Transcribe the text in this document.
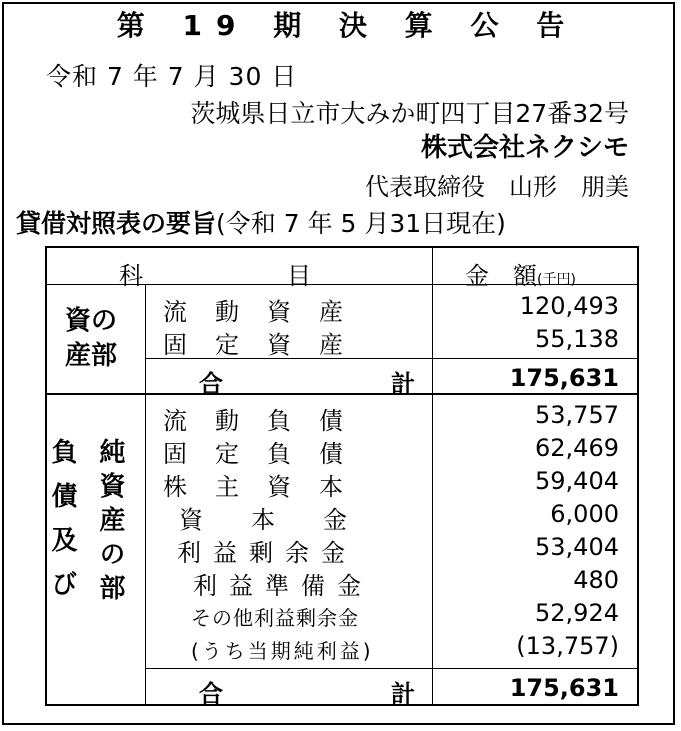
第 19 期 決 算 公 告
令和 7 年 7 月 30 日
茨城県日立市大みか町四丁目27番32号
株式会社ネクシモ
代表取締役　山形　朋美
貸借対照表の要旨(令和 7 年 5 月31日現在)
科　　　　　　目	金　額(千円)
資の
産部
流動資産	120,493
固定資産	55,138
合　　　　　　　計	175,631
負債及び 純資産の部
流動負債	53,757
固定負債	62,469
株主資本	59,404
資　　本　　金	6,000
利益剰余金	53,404
利益準備金	480
その他利益剰余金	52,924
(うち当期純利益)	(13,757)
合　　　　　　　計	175,631
